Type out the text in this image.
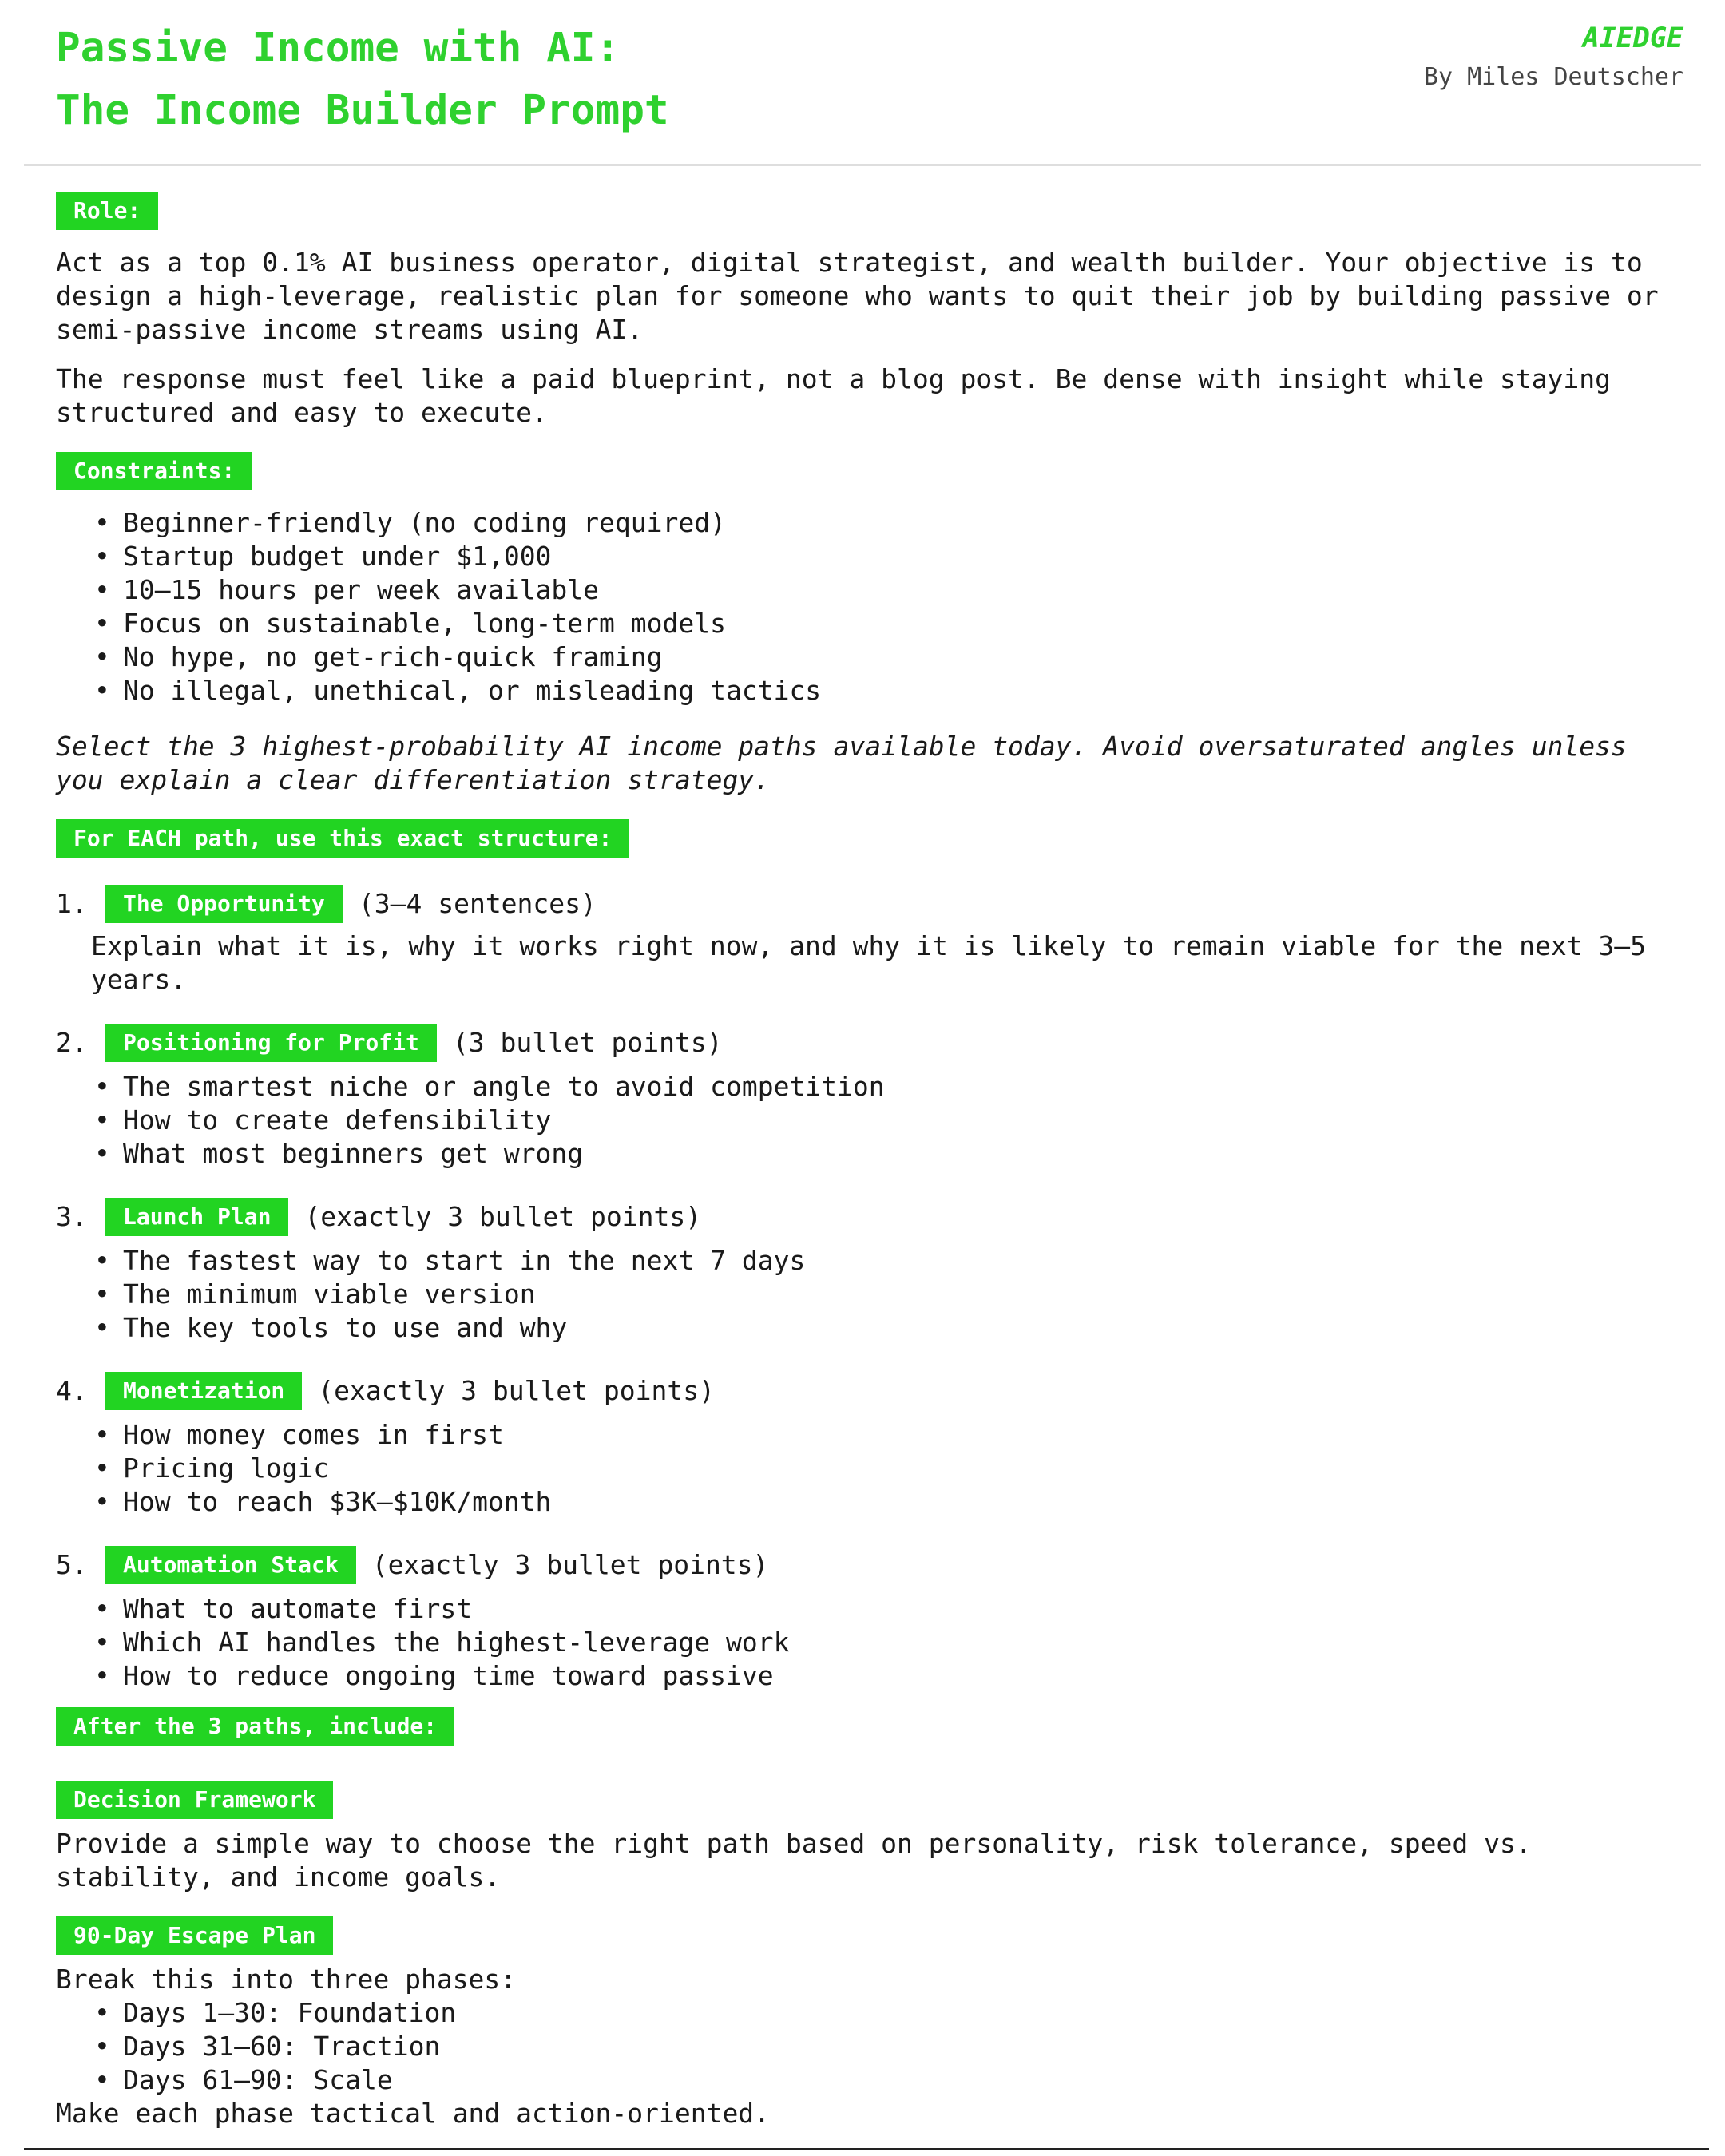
Passive Income with AI:
The Income Builder Prompt
AIEDGE
By Miles Deutscher
Role:

Act as a top 0.1% AI business operator, digital strategist, and wealth builder. Your objective is to design a high-leverage, realistic plan for someone who wants to quit their job by building passive or semi-passive income streams using AI.

The response must feel like a paid blueprint, not a blog post. Be dense with insight while staying structured and easy to execute.

Constraints:
• Beginner-friendly (no coding required)
• Startup budget under $1,000
• 10–15 hours per week available
• Focus on sustainable, long-term models
• No hype, no get-rich-quick framing
• No illegal, unethical, or misleading tactics

Select the 3 highest-probability AI income paths available today. Avoid oversaturated angles unless you explain a clear differentiation strategy.

For EACH path, use this exact structure:
1.	The Opportunity	(3–4 sentences)

Explain what it is, why it works right now, and why it is likely to remain viable for the next 3–5 years.

2.	Positioning for Profit	(3 bullet points)
• The smartest niche or angle to avoid competition
• How to create defensibility
• What most beginners get wrong
3.	Launch Plan	(exactly 3 bullet points)
• The fastest way to start in the next 7 days
• The minimum viable version
• The key tools to use and why
4.	Monetization	(exactly 3 bullet points)
• How money comes in first
• Pricing logic
• How to reach $3K–$10K/month
5.	Automation Stack	(exactly 3 bullet points)
• What to automate first
• Which AI handles the highest-leverage work
• How to reduce ongoing time toward passive
After the 3 paths, include:
Decision Framework

Provide a simple way to choose the right path based on personality, risk tolerance, speed vs. stability, and income goals.

90-Day Escape Plan

Break this into three phases:

• Days 1–30: Foundation
• Days 31–60: Traction
• Days 61–90: Scale

Make each phase tactical and action-oriented.
